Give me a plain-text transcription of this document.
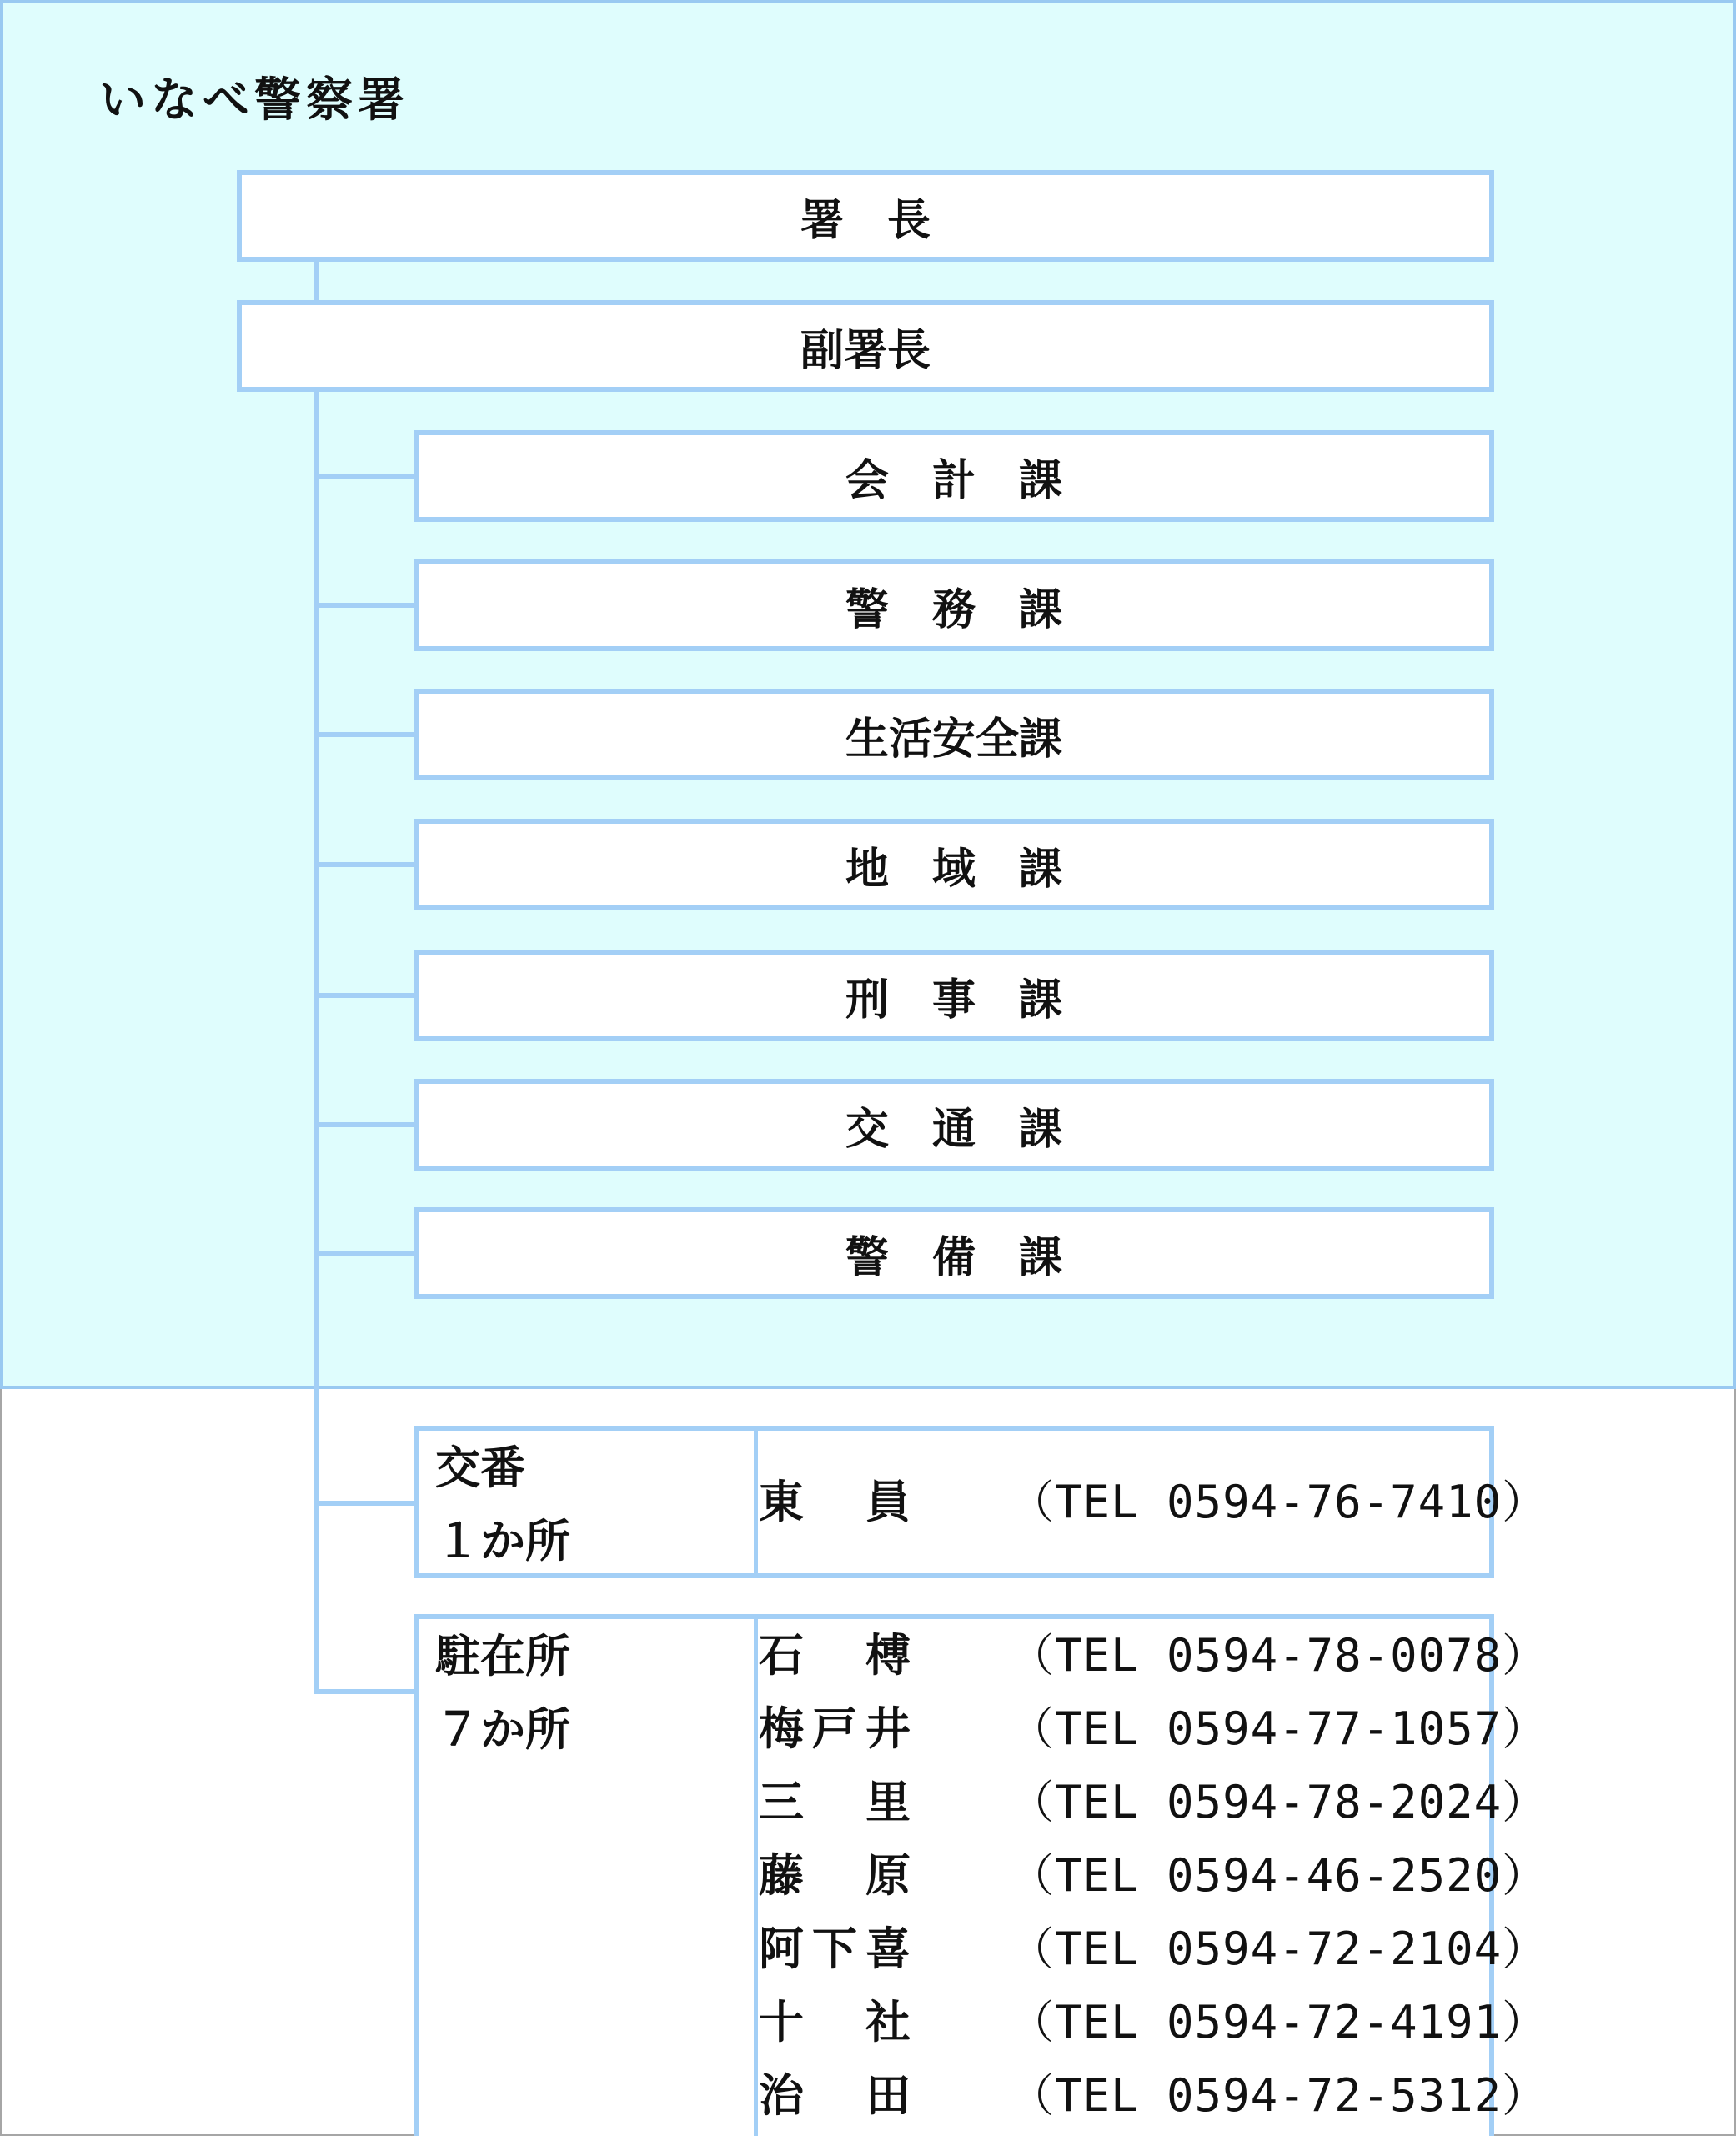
いなべ警察署
署　長
副署長
会　計　課
警　務　課
生活安全課
地　域　課
刑　事　課
交　通　課
警　備　課
交番
１か所
東　員 （TEL 0594-76-7410）
駐在所
７か所
石　榑 （TEL 0594-78-0078）
梅戸井 （TEL 0594-77-1057）
三　里 （TEL 0594-78-2024）
藤　原 （TEL 0594-46-2520）
阿下喜 （TEL 0594-72-2104）
十　社 （TEL 0594-72-4191）
治　田 （TEL 0594-72-5312）
